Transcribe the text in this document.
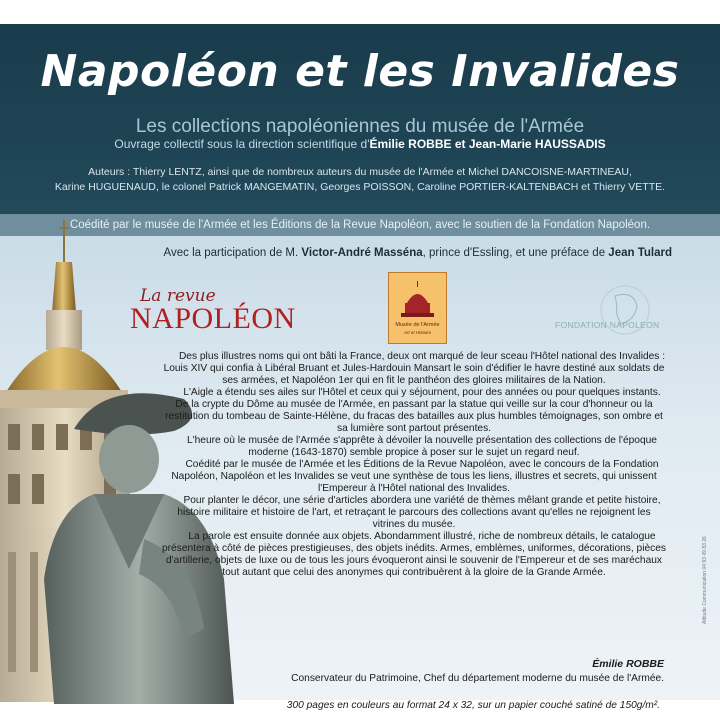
Napoléon et les Invalides
Les collections napoléoniennes du musée de l'Armée
Ouvrage collectif sous la direction scientifique d'Émilie ROBBE et Jean-Marie HAUSSADIS
Auteurs : Thierry LENTZ, ainsi que de nombreux auteurs du musée de l'Armée et Michel DANCOISNE-MARTINEAU,
Karine HUGUENAUD, le colonel Patrick MANGEMATIN, Georges POISSON, Caroline PORTIER-KALTENBACH et Thierry VETTE.
Coédité par le musée de l'Armée et les Éditions de la Revue Napoléon, avec le soutien de la Fondation Napoléon.
Avec la participation de M. Victor-André Masséna, prince d'Essling, et une préface de Jean Tulard
La revue
NAPOLÉON	Musée de l'Armée
Art et Histoire
FONDATION NAPOLEON

Des plus illustres noms qui ont bâti la France, deux ont marqué de leur sceau l'Hôtel national des Invalides : Louis XIV qui confia à Libéral Bruant et Jules-Hardouin Mansart le soin d'édifier le havre destiné aux soldats de ses armées, et Napoléon 1er qui en fit le panthéon des gloires militaires de la Nation.

L'Aigle a étendu ses ailes sur l'Hôtel et ceux qui y séjournent, pour des années ou pour quelques instants. De la crypte du Dôme au musée de l'Armée, en passant par la statue qui veille sur la cour d'honneur ou la restitution du tombeau de Sainte-Hélène, du fracas des batailles aux plus humbles témoignages, son ombre et sa lumière sont partout présentes.

L'heure où le musée de l'Armée s'apprête à dévoiler la nouvelle présentation des collections de l'époque moderne (1643-1870) semble propice à poser sur le sujet un regard neuf.

Coédité par le musée de l'Armée et les Éditions de la Revue Napoléon, avec le concours de la Fondation Napoléon, Napoléon et les Invalides se veut une synthèse de tous les liens, illustres et secrets, qui unissent l'Empereur à l'Hôtel national des Invalides.

Pour planter le décor, une série d'articles abordera une variété de thèmes mêlant grande et petite histoire, histoire militaire et histoire de l'art, et retraçant le parcours des collections avant qu'elles ne rejoignent les vitrines du musée.

La parole est ensuite donnée aux objets. Abondamment illustré, riche de nombreux détails, le catalogue présentera à côté de pièces prestigieuses, des objets inédits. Armes, emblèmes, uniformes, décorations, pièces d'artillerie, objets de luxe ou de tous les jours évoqueront ainsi le souvenir de l'Empereur et de ses maréchaux tout autant que celui des anonymes qui contribuèrent à la gloire de la Grande Armée.

Émilie ROBBE
Conservateur du Patrimoine, Chef du département moderne du musée de l'Armée.
300 pages en couleurs au format 24 x 32, sur un papier couché satiné de 150g/m².
Attitude Communication 04 93 49 83 26
